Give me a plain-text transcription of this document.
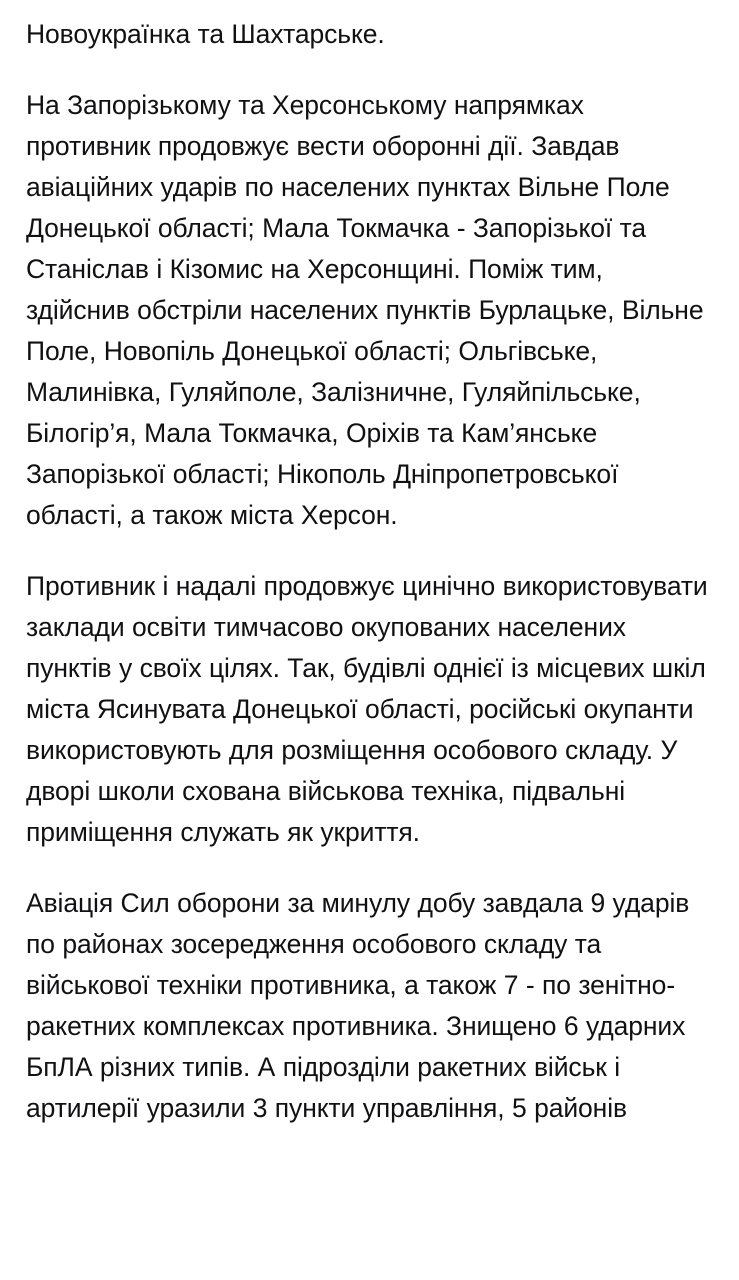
Новоукраїнка та Шахтарське.

На Запорізькому та Херсонському напрямках противник продовжує вести оборонні дії. Завдав авіаційних ударів по населених пунктах Вільне Поле Донецької області; Мала Токмачка - Запорізької та Станіслав і Кізомис на Херсонщині. Поміж тим, здійснив обстріли населених пунктів Бурлацьке, Вільне Поле, Новопіль Донецької області; Ольгівське, Малинівка, Гуляйполе, Залізничне, Гуляйпільське, Білогір’я, Мала Токмачка, Оріхів та Кам’янське Запорізької області; Нікополь Дніпропетровської області, а також міста Херсон.

Противник і надалі продовжує цинічно використовувати заклади освіти тимчасово окупованих населених пунктів у своїх цілях. Так, будівлі однієї із місцевих шкіл міста Ясинувата Донецької області, російські окупанти використовують для розміщення особового складу. У дворі школи схована військова техніка, підвальні приміщення служать як укриття.

Авіація Сил оборони за минулу добу завдала 9 ударів по районах зосередження особового складу та військової техніки противника, а також 7 - по зенітно-ракетних комплексах противника. Знищено 6 ударних БпЛА різних типів. А підрозділи ракетних військ і артилерії уразили 3 пункти управління, 5 районів
